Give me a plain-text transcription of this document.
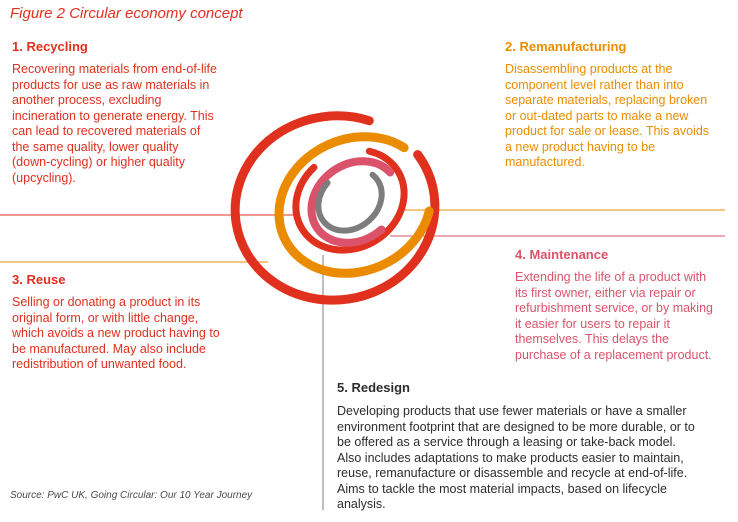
Figure 2 Circular economy concept
1. Recycling
Recovering materials from end-of-life
products for use as raw materials in
another process, excluding
incineration to generate energy. This
can lead to recovered materials of
the same quality, lower quality
(down-cycling) or higher quality
(upcycling).
2. Remanufacturing
Disassembling products at the
component level rather than into
separate materials, replacing broken
or out-dated parts to make a new
product for sale or lease. This avoids
a new product having to be
manufactured.
3. Reuse
Selling or donating a product in its
original form, or with little change,
which avoids a new product having to
be manufactured. May also include
redistribution of unwanted food.
4. Maintenance
Extending the life of a product with
its first owner, either via repair or
refurbishment service, or by making
it easier for users to repair it
themselves. This delays the
purchase of a replacement product.
5. Redesign
Developing products that use fewer materials or have a smaller
environment footprint that are designed to be more durable, or to
be offered as a service through a leasing or take-back model.
Also includes adaptations to make products easier to maintain,
reuse, remanufacture or disassemble and recycle at end-of-life.
Aims to tackle the most material impacts, based on lifecycle
analysis.
Source: PwC UK, Going Circular: Our 10 Year Journey
